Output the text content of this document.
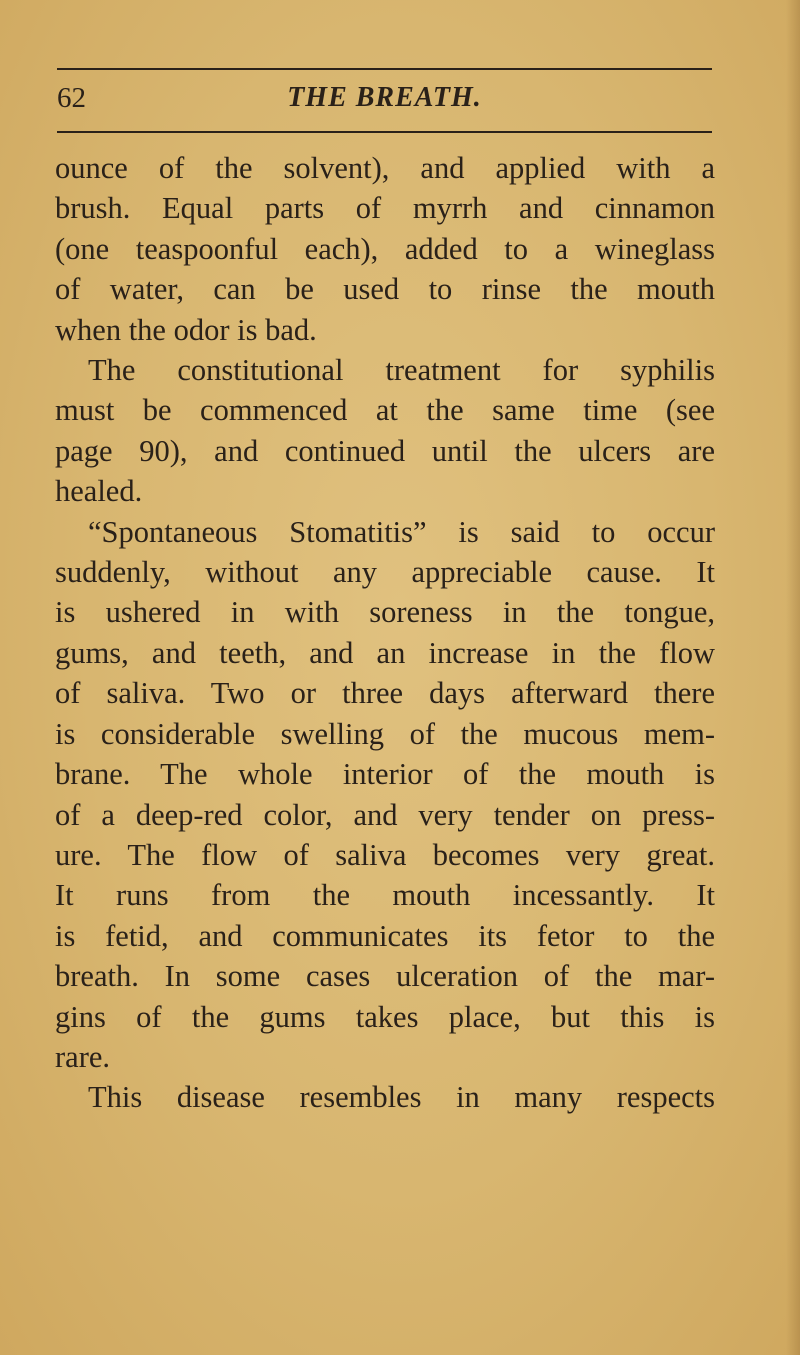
62	THE BREATH.
ounce of the solvent), and applied with a
brush. Equal parts of myrrh and cinnamon
(one teaspoonful each), added to a wineglass
of water, can be used to rinse the mouth
when the odor is bad.
The constitutional treatment for syphilis
must be commenced at the same time (see
page 90), and continued until the ulcers are
healed.
“Spontaneous Stomatitis” is said to occur
suddenly, without any appreciable cause. It
is ushered in with soreness in the tongue,
gums, and teeth, and an increase in the flow
of saliva. Two or three days afterward there
is considerable swelling of the mucous mem-
brane. The whole interior of the mouth is
of a deep-red color, and very tender on press-
ure. The flow of saliva becomes very great.
It runs from the mouth incessantly. It
is fetid, and communicates its fetor to the
breath. In some cases ulceration of the mar-
gins of the gums takes place, but this is
rare.
This disease resembles in many respects
